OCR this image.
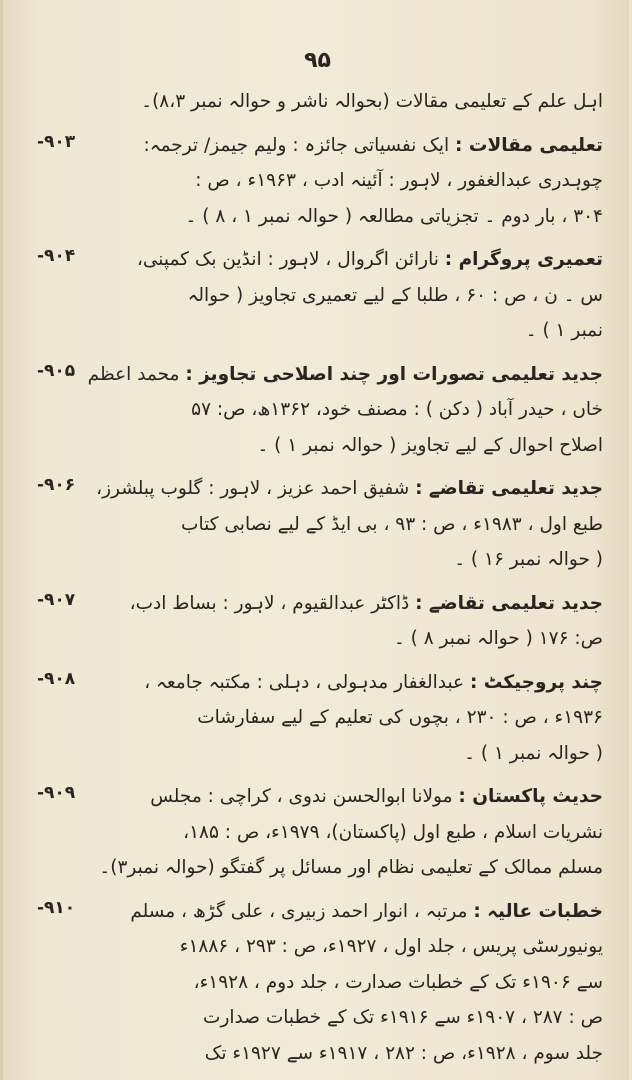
۹۵
اہل علم کے تعلیمی مقالات (بحوالہ ناشر و حوالہ نمبر ۸،۳)۔
-۹۰۳	تعلیمی مقالات : ایک نفسیاتی جائزہ : ولیم جیمز/ ترجمہ:
چوہدری عبدالغفور ، لاہور : آئینہ ادب ، ۱۹۶۳ء ، ص :
۳۰۴ ، بار دوم ۔ تجزیاتی مطالعہ ( حوالہ نمبر ۱ ، ۸ ) ۔
-۹۰۴	تعمیری پروگرام : نارائن اگروال ، لاہور : انڈین بک کمپنی،
س ۔ ن ، ص : ۶۰ ، طلبا کے لیے تعمیری تجاویز ( حوالہ
نمبر ۱ ) ۔
-۹۰۵	جدید تعلیمی تصورات اور چند اصلاحی تجاویز : محمد اعظم
خاں ، حیدر آباد ( دکن ) : مصنف خود، ۱۳۶۲ھ، ص: ۵۷
اصلاح احوال کے لیے تجاویز ( حوالہ نمبر ۱ ) ۔
-۹۰۶	جدید تعلیمی تقاضے : شفیق احمد عزیز ، لاہور : گلوب پبلشرز،
طبع اول ، ۱۹۸۳ء ، ص : ۹۳ ، بی ایڈ کے لیے نصابی کتاب
( حوالہ نمبر ۱۶ ) ۔
-۹۰۷	جدید تعلیمی تقاضے : ڈاکٹر عبدالقیوم ، لاہور : بساط ادب،
ص: ۱۷۶ ( حوالہ نمبر ۸ ) ۔
-۹۰۸	چند پروجیکٹ : عبدالغفار مدہولی ، دہلی : مکتبہ جامعہ ،
۱۹۳۶ء ، ص : ۲۳۰ ، بچوں کی تعلیم کے لیے سفارشات
( حوالہ نمبر ۱ ) ۔
-۹۰۹	حدیث پاکستان : مولانا ابوالحسن ندوی ، کراچی : مجلس
نشریات اسلام ، طبع اول (پاکستان)، ۱۹۷۹ء، ص : ۱۸۵،
مسلم ممالک کے تعلیمی نظام اور مسائل پر گفتگو (حوالہ نمبر۳)۔
-۹۱۰	خطبات عالیہ : مرتبہ ، انوار احمد زبیری ، علی گڑھ ، مسلم
یونیورسٹی پریس ، جلد اول ، ۱۹۲۷ء، ص : ۲۹۳ ، ۱۸۸۶ء
سے ۱۹۰۶ء تک کے خطبات صدارت ، جلد دوم ، ۱۹۲۸ء،
ص : ۲۸۷ ، ۱۹۰۷ء سے ۱۹۱۶ء تک کے خطبات صدارت
جلد سوم ، ۱۹۲۸ء، ص : ۲۸۲ ، ۱۹۱۷ء سے ۱۹۲۷ء تک
